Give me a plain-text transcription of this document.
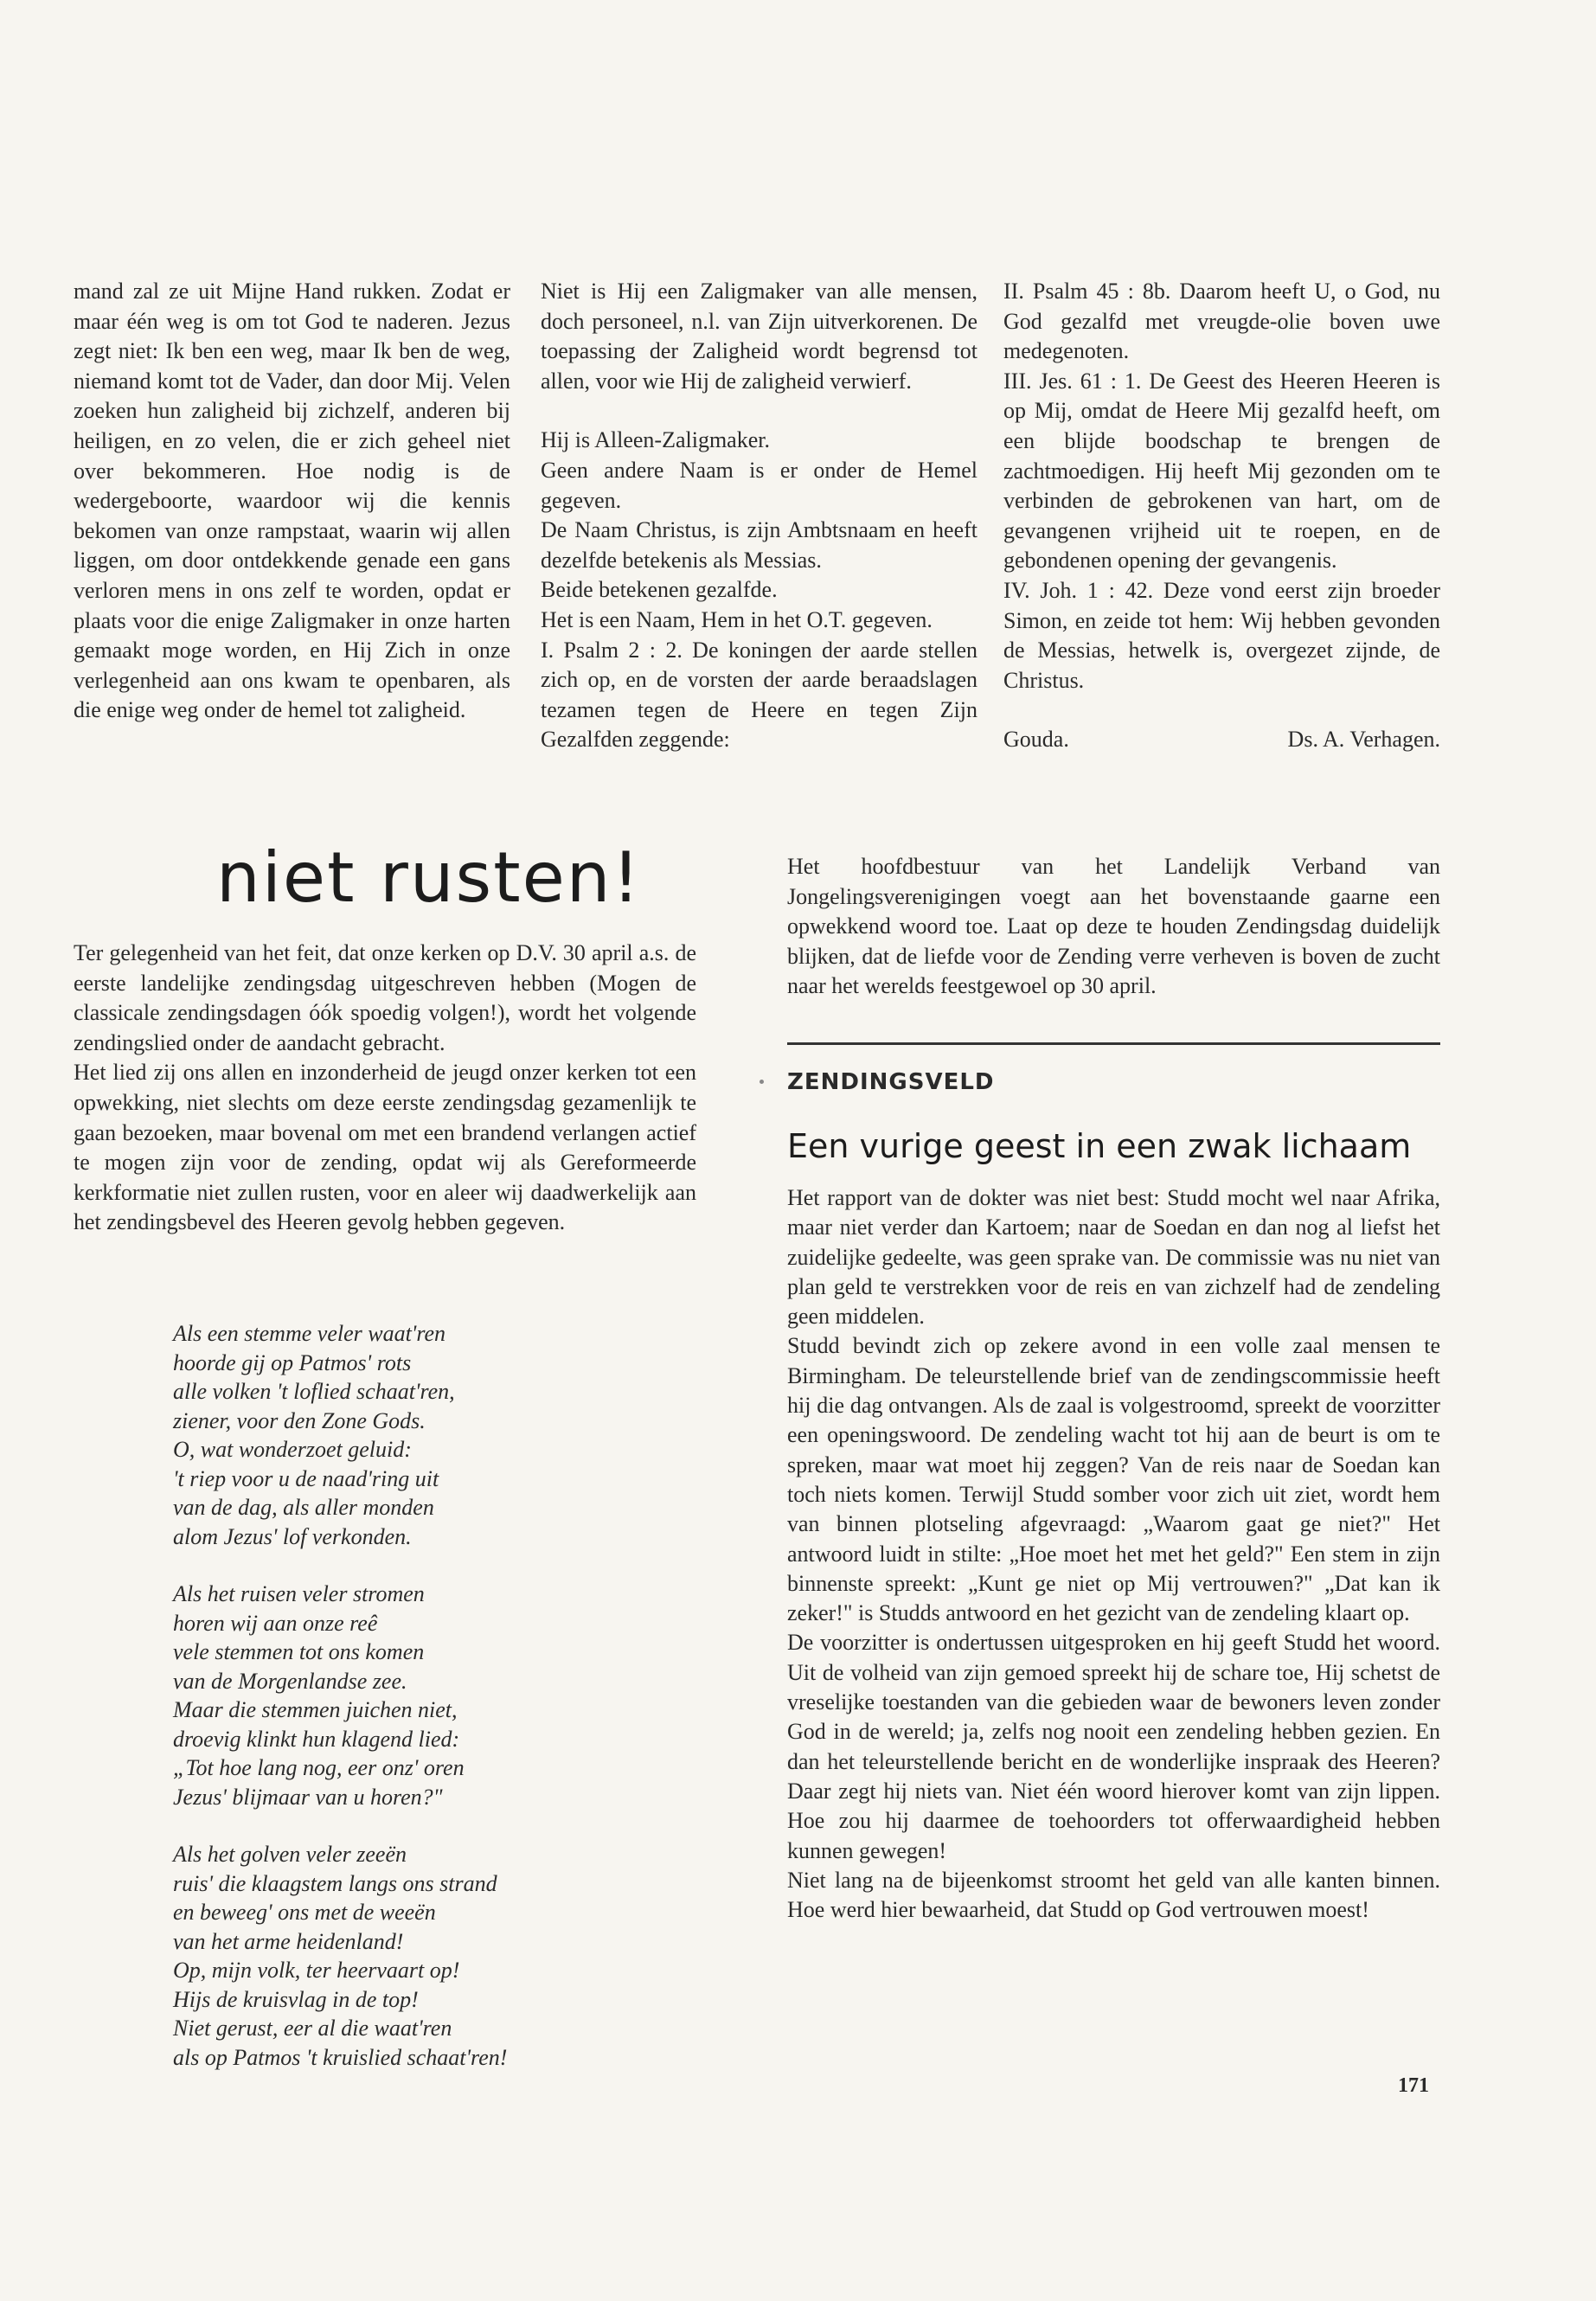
mand zal ze uit Mijne Hand rukken. Zodat er maar één weg is om tot God te naderen. Jezus zegt niet: Ik ben een weg, maar Ik ben de weg, niemand komt tot de Vader, dan door Mij. Velen zoeken hun zaligheid bij zichzelf, anderen bij heiligen, en zo velen, die er zich geheel niet over bekommeren. Hoe nodig is de wedergeboorte, waardoor wij die kennis bekomen van onze rampstaat, waarin wij allen liggen, om door ontdekkende genade een gans verloren mens in ons zelf te worden, opdat er plaats voor die enige Zaligmaker in onze harten gemaakt moge worden, en Hij Zich in onze verlegenheid aan ons kwam te openbaren, als die enige weg onder de hemel tot zaligheid.

Niet is Hij een Zaligmaker van alle mensen, doch personeel, n.l. van Zijn uitverkorenen. De toepassing der Zaligheid wordt begrensd tot allen, voor wie Hij de zaligheid verwierf.

Hij is Alleen-Zaligmaker.

Geen andere Naam is er onder de Hemel gegeven.

De Naam Christus, is zijn Ambtsnaam en heeft dezelfde betekenis als Messias.

Beide betekenen gezalfde.

Het is een Naam, Hem in het O.T. gegeven.

I. Psalm 2 : 2. De koningen der aarde stellen zich op, en de vorsten der aarde beraadslagen tezamen tegen de Heere en tegen Zijn Gezalfden zeggende:

II. Psalm 45 : 8b. Daarom heeft U, o God, nu God gezalfd met vreugde-olie boven uwe medegenoten.

III. Jes. 61 : 1. De Geest des Heeren Heeren is op Mij, omdat de Heere Mij gezalfd heeft, om een blijde boodschap te brengen de zachtmoedigen. Hij heeft Mij gezonden om te verbinden de gebrokenen van hart, om de gevangenen vrijheid uit te roepen, en de gebondenen opening der gevangenis.

IV. Joh. 1 : 42. Deze vond eerst zijn broeder Simon, en zeide tot hem: Wij hebben gevonden de Messias, hetwelk is, overgezet zijnde, de Christus.

Gouda.	Ds. A. Verhagen.
niet rusten!

Ter gelegenheid van het feit, dat onze kerken op D.V. 30 april a.s. de eerste landelijke zendingsdag uitgeschreven hebben (Mogen de classicale zendingsdagen óók spoedig volgen!), wordt het volgende zendingslied onder de aandacht gebracht.

Het lied zij ons allen en inzonderheid de jeugd onzer kerken tot een opwekking, niet slechts om deze eerste zendingsdag gezamenlijk te gaan bezoeken, maar bovenal om met een brandend verlangen actief te mogen zijn voor de zending, opdat wij als Gereformeerde kerkformatie niet zullen rusten, voor en aleer wij daadwerkelijk aan het zendingsbevel des Heeren gevolg hebben gegeven.

Als een stemme veler waat'ren
hoorde gij op Patmos' rots
alle volken 't loflied schaat'ren,
ziener, voor den Zone Gods.
O, wat wonderzoet geluid:
't riep voor u de naad'ring uit
van de dag, als aller monden
alom Jezus' lof verkonden.
Als het ruisen veler stromen
horen wij aan onze reê
vele stemmen tot ons komen
van de Morgenlandse zee.
Maar die stemmen juichen niet,
droevig klinkt hun klagend lied:
„Tot hoe lang nog, eer onz' oren
Jezus' blijmaar van u horen?"
Als het golven veler zeeën
ruis' die klaagstem langs ons strand
en beweeg' ons met de weeën
van het arme heidenland!
Op, mijn volk, ter heervaart op!
Hijs de kruisvlag in de top!
Niet gerust, eer al die waat'ren
als op Patmos 't kruislied schaat'ren!

Het hoofdbestuur van het Landelijk Verband van Jongelingsverenigingen voegt aan het bovenstaande gaarne een opwekkend woord toe. Laat op deze te houden Zendingsdag duidelijk blijken, dat de liefde voor de Zending verre verheven is boven de zucht naar het werelds feestgewoel op 30 april.

ZENDINGSVELD
Een vurige geest in een zwak lichaam

Het rapport van de dokter was niet best: Studd mocht wel naar Afrika, maar niet verder dan Kartoem; naar de Soedan en dan nog al liefst het zuidelijke gedeelte, was geen sprake van. De commissie was nu niet van plan geld te verstrekken voor de reis en van zichzelf had de zendeling geen middelen.

Studd bevindt zich op zekere avond in een volle zaal mensen te Birmingham. De teleurstellende brief van de zendingscommissie heeft hij die dag ontvangen. Als de zaal is volgestroomd, spreekt de voorzitter een openingswoord. De zendeling wacht tot hij aan de beurt is om te spreken, maar wat moet hij zeggen? Van de reis naar de Soedan kan toch niets komen. Terwijl Studd somber voor zich uit ziet, wordt hem van binnen plotseling afgevraagd: „Waarom gaat ge niet?" Het antwoord luidt in stilte: „Hoe moet het met het geld?" Een stem in zijn binnenste spreekt: „Kunt ge niet op Mij vertrouwen?" „Dat kan ik zeker!" is Studds antwoord en het gezicht van de zendeling klaart op.

De voorzitter is ondertussen uitgesproken en hij geeft Studd het woord. Uit de volheid van zijn gemoed spreekt hij de schare toe, Hij schetst de vreselijke toestanden van die gebieden waar de bewoners leven zonder God in de wereld; ja, zelfs nog nooit een zendeling hebben gezien. En dan het teleurstellende bericht en de wonderlijke inspraak des Heeren? Daar zegt hij niets van. Niet één woord hierover komt van zijn lippen. Hoe zou hij daarmee de toehoorders tot offerwaardigheid hebben kunnen gewegen!

Niet lang na de bijeenkomst stroomt het geld van alle kanten binnen. Hoe werd hier bewaarheid, dat Studd op God vertrouwen moest!

171
